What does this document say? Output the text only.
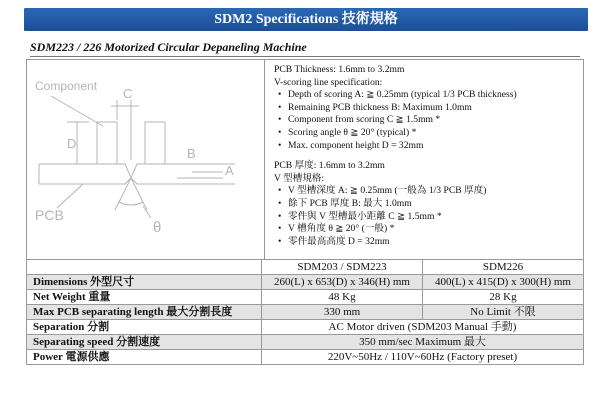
SDM2 Specifications 技術規格
SDM223 / 226 Motorized Circular Depaneling Machine
Component
D
C
B
A
PCB
θ

PCB Thickness: 1.6mm to 3.2mm

V-scoring line specification:

• Depth of scoring A: ≧ 0.25mm (typical 1/3 PCB thickness)
• Remaining PCB thickness B: Maximum 1.0mm
• Component from scoring C ≧ 1.5mm *
• Scoring angle θ ≧ 20° (typical) *
• Max. component height D = 32mm

PCB 厚度: 1.6mm to 3.2mm

V 型槽規格:

• V 型槽深度 A: ≧ 0.25mm (一般為 1/3 PCB 厚度)
• 餘下 PCB 厚度 B: 最大 1.0mm
• 零件與 V 型槽最小距離 C ≧ 1.5mm *
• V 槽角度 θ ≧ 20° (一般) *
• 零件最高高度 D = 32mm
	SDM203 / SDM223	SDM226
Dimensions 外型尺寸	260(L) x 653(D) x 346(H) mm	400(L) x 415(D) x 300(H) mm
Net Weight 重量	48 Kg	28 Kg
Max PCB separating length 最大分割長度	330 mm	No Limit 不限
Separation 分割	AC Motor driven (SDM203 Manual 手動)	
Separating speed 分割速度	350 mm/sec Maximum 最大	
Power 電源供應	220V~50Hz / 110V~60Hz (Factory preset)	
